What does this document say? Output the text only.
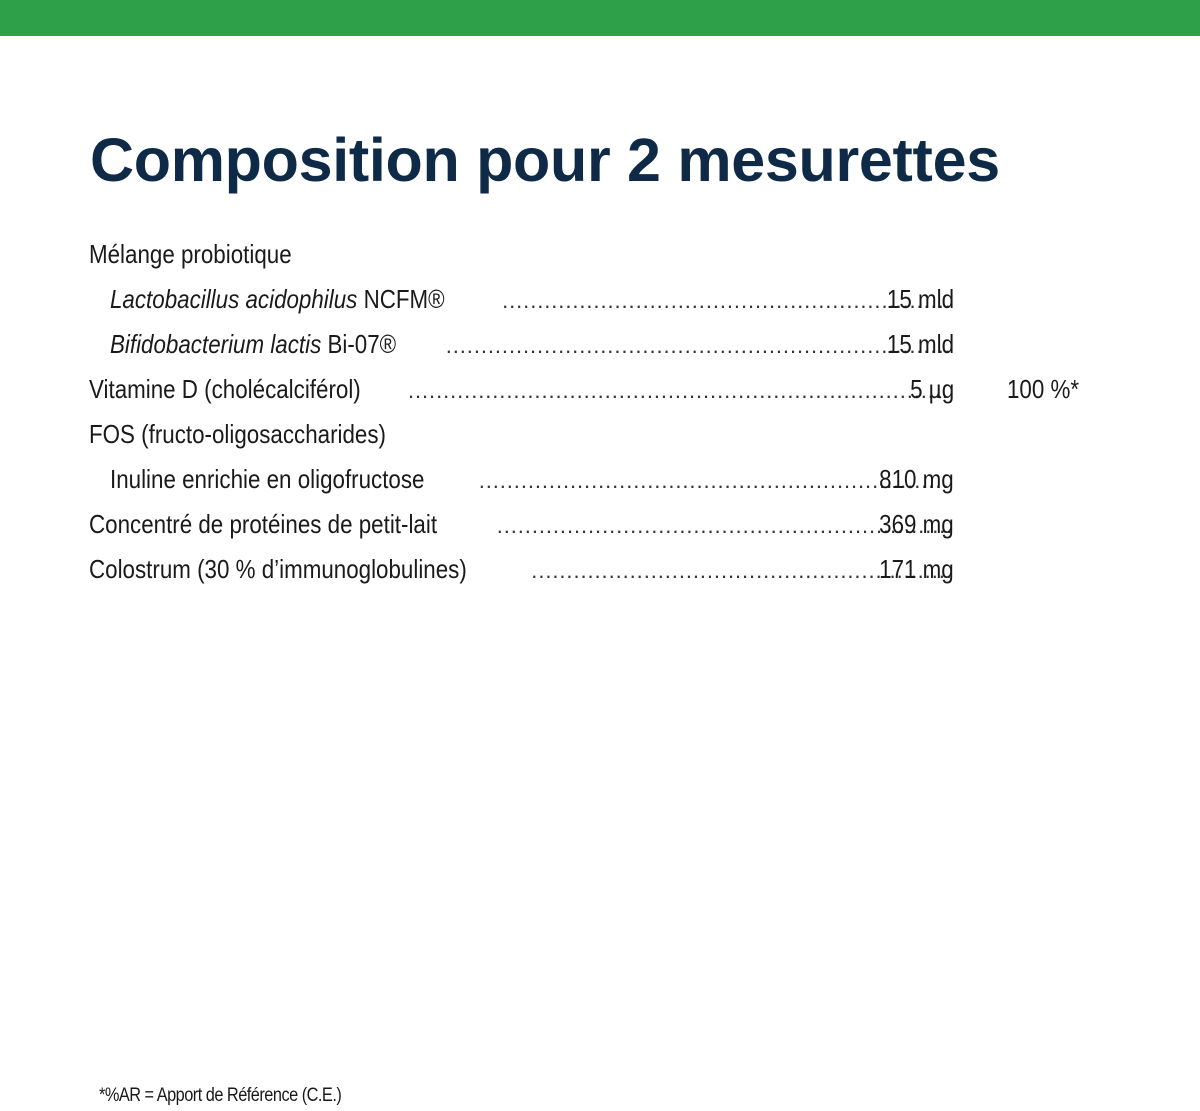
Composition pour 2 mesurettes
Mélange probiotique
Lactobacillus acidophilus NCFM® . . .	15 mld
Bifidobacterium lactis Bi-07® . . .	15 mld
Vitamine D (cholécalciférol) . . .	5 µg 100 %*
FOS (fructo-oligosaccharides)
Inuline enrichie en oligofructose . . .	810 mg
Concentré de protéines de petit-lait . . .	369 mg
Colostrum (30 % d’immunoglobulines) . . .	171 mg
*%AR = Apport de Référence (C.E.)
